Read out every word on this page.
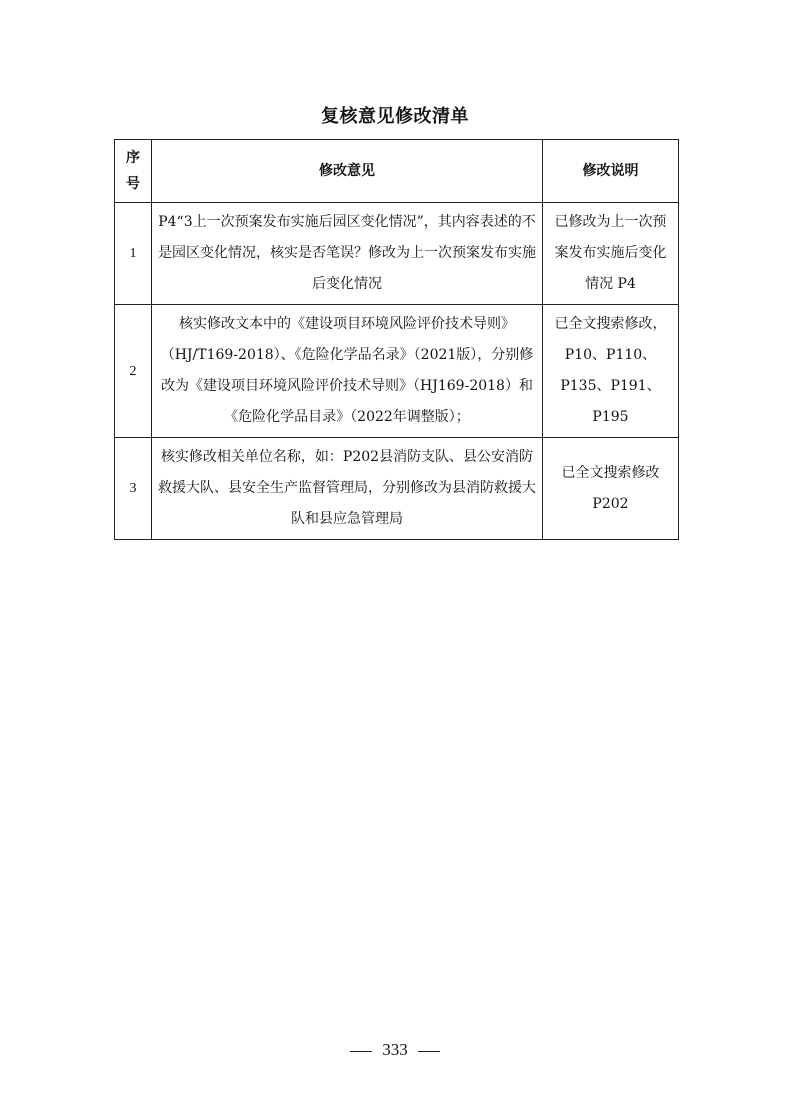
复核意见修改清单
序号	修改意见	修改说明
1	P4“3上一次预案发布实施后园区变化情况”，其内容表述的不是园区变化情况，核实是否笔误？修改为上一次预案发布实施后变化情况	已修改为上一次预案发布实施后变化情况 P4
2	核实修改文本中的《建设项目环境风险评价技术导则》（HJ/T169-2018）、《危险化学品名录》（2021版），分别修改为《建设项目环境风险评价技术导则》（HJ169-2018）和《危险化学品目录》（2022年调整版）；	已全文搜索修改，P10、P110、P135、P191、P195
3	核实修改相关单位名称，如：P202县消防支队、县公安消防救援大队、县安全生产监督管理局，分别修改为县消防救援大队和县应急管理局	已全文搜索修改 P202
333
